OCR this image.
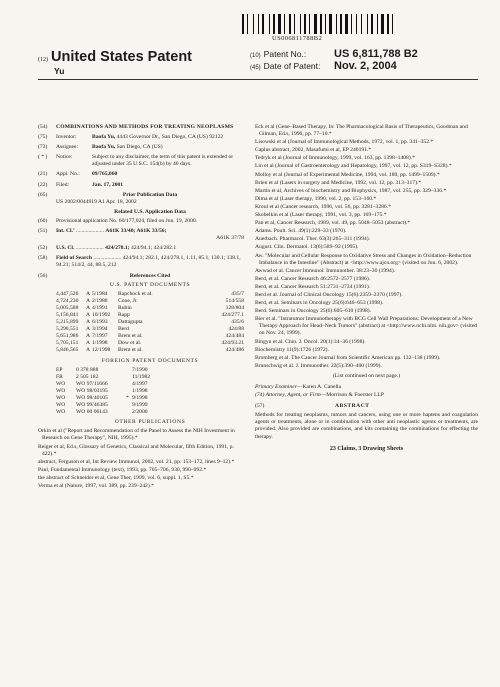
US006811788B2
(12) United States Patent
Yu
(10) Patent No.:	US 6,811,788 B2
(45) Date of Patent:	Nov. 2, 2004
(54)	COMBINATIONS AND METHODS FOR TREATING NEOPLASMS
(75)	Inventor:	Baofa Yu, 4443 Governor Dr., San Diego, CA (US) 92122
(73)	Assignee:	Baofa Yu, San Diego, CA (US)
( * )	Notice:	Subject to any disclaimer, the term of this patent is extended or adjusted under 35 U.S.C. 154(b) by 40 days.
(21)	Appl. No.:	09/765,060
(22)	Filed:	Jan. 17, 2001
(65)	Prior Publication Data
US 2002/0044919 A1 Apr. 18, 2002
Related U.S. Application Data
(60)	Provisional application No. 60/177,024, filed on Jun. 19, 2000.
(51)	Int. Cl.⁷ .................... A61K 33/40; A61K 33/56;
A61K 37/78
(52)	U.S. Cl. .................... 424/278.1; 424/94.1; 424/282.1
(58)	Field of Search .................... 424/94.1; 282.1, 424/278.1, 1.11, 85.1, 130.1; 138.1, 94.21; 514/2, 44, 88.5, 212
(56)	References Cited
U.S. PATENT DOCUMENTS
4,447,526	A 5/1984	Rapchock et al.	435/7
4,724,230	A 2/1988	Cone, Jr.	514/558
5,005,588	A 4/1991	Rubin	128/804
5,156,841	A 10/1992	Rapp	424/277.1
5,215,899	A 6/1993	Dattagupta	435/6
5,290,551	A 3/1994	Berd	424/88
5,651,986	A 7/1997	Brem et al.	424/484
5,705,151	A 1/1998	Dow et al.	424/93.21
5,846,565	A 12/1998	Brem et al.	424/486
FOREIGN PATENT DOCUMENTS
EP	0 378 888	7/1990
FR	2 505 182	11/1982
WO	WO 97/11666	4/1997
WO	WO 98/03195	1/1998
WO	WO 98/40105	* 9/1998
WO	WO 99/46385	9/1999
WO	WO 00 06143	2/2000
OTHER PUBLICATIONS
Orkin et al ("Report and Recommendation of the Panel to Assess the NIH Investment in Research on Gene Therapy", NIH, 1995).*
Reiger et al, Ed.s, Glossary of Genetics, Classical and Molecular, fifth Edition, 1991, p. 422).*
abstract, Ferguson et al, Int Review Immunol, 2002, vol. 21, pp. 153–172, lines 9–12).*
Paul, Fundamental Immunology (text), 1993, pp. 705–706, 930, 990–992.*
the abstract of Schneider et al, Gene Ther, 1999, vol. 6, suppl. 1, S5.*
Verma et al (Nature, 1997, vol. 389, pp. 239–242).*
Eck et al (Gene–Based Therapy, In: The Pharmacological Basis of Therapeutics, Goodman and Gilman, Ed.s, 1996, pp. 77–10.*
Lisowski et al (Journal of Immunological Methods, 1972, vol. 1, pp. 341–352.*
Caplus abstract, 2002, Masafumi et al, EP 240191.*
Tedryk et al (Journal of Immunology, 1999, vol. 163, pp. 1398–1408).*
Lin et al (Journal of Gastroenterology and Hepatology, 1997, vol. 12, pp. S319–S328).*
Molloy et al (Journal of Experimental Medicine, 1994, vol. 180, pp. 1499–1509).*
Brien et al (Lasers in surgery and Medicine, 1992, vol. 12, pp. 313–317).*
Martin et al, Archives of biochemistry and Biophysics, 1987, vol. 255, pp. 329–336.*
Dima et al (Laser therapy, 1990, vol. 2, pp. 153–160.*
Kroul et al (Cancer research, 1996, vol. 56, pp. 3281–3286.*
Skobelkin et al (Laser therapy, 1991, vol. 3, pp. 169–175.*
Pan et al, Cancer Research, 1989, vol. 49, pp. 5048–5053 (abstract).*
Adams. Poult. Sci. 49(1):229–33 (1970).
Auerbach. Pharmacol. Ther. 63(3):265–311 (1994).
August. Clin. Dermatol. 13(6):589–92 (1995).
Aw. "Molecular and Cellular Response to Oxidative Stress and Changes in Oxidation–Reduction Imbalance in the Intestine" (Abstract) at <http://www.ajcn.org> (visited on Jun. 6, 2002).
Awwad et al. Cancer Immunol. Immunother. 38:23–30 (1994).
Berd, et al. Cancer Research 46:2572–2577 (1986).
Berd, et al. Cancer Research 51:2731–2734 (1991).
Berd et al. Journal of Clinical Oncology 15(6):2359–2370 (1997).
Berd, et al. Seminars in Oncology 25(6):646–653 (1998).
Berd. Seminars in Oncology 25(6):605–610 (1998).
Bier et al. "Intratumor Immunotherapy with BCG Cell Wall Preparations: Development of a New Therapy Approach for Head–Neck Tumors" (abstract) at <http://www.ncbi.nlm. nih.gov> (visited on Nov. 24, 1999).
Bingyu et al. Chin. J. Oncol. 20(1):34–36 (1998).
Biochemistry 11(9):1726 (1972).
Bromberg et al. The Cancer Journal from Scientific American pp. 132–138 (1999).
Brunschwig et al. J. Immunother. 22(5):390–400 (1999).
(List continued on next page.)
Primary Examiner—Karen A. Canella
(74) Attorney, Agent, or Firm—Morrison & Foerster LLP
(57)	ABSTRACT
Methods for treating neoplasms, tumors and cancers, using one or more haptens and coagulation agents or treatments, alone or in combination with other anti neoplastic agents or treatments, are provided. Also provided are combinations, and kits containing the combinations for effecting the therapy.
23 Claims, 3 Drawing Sheets
